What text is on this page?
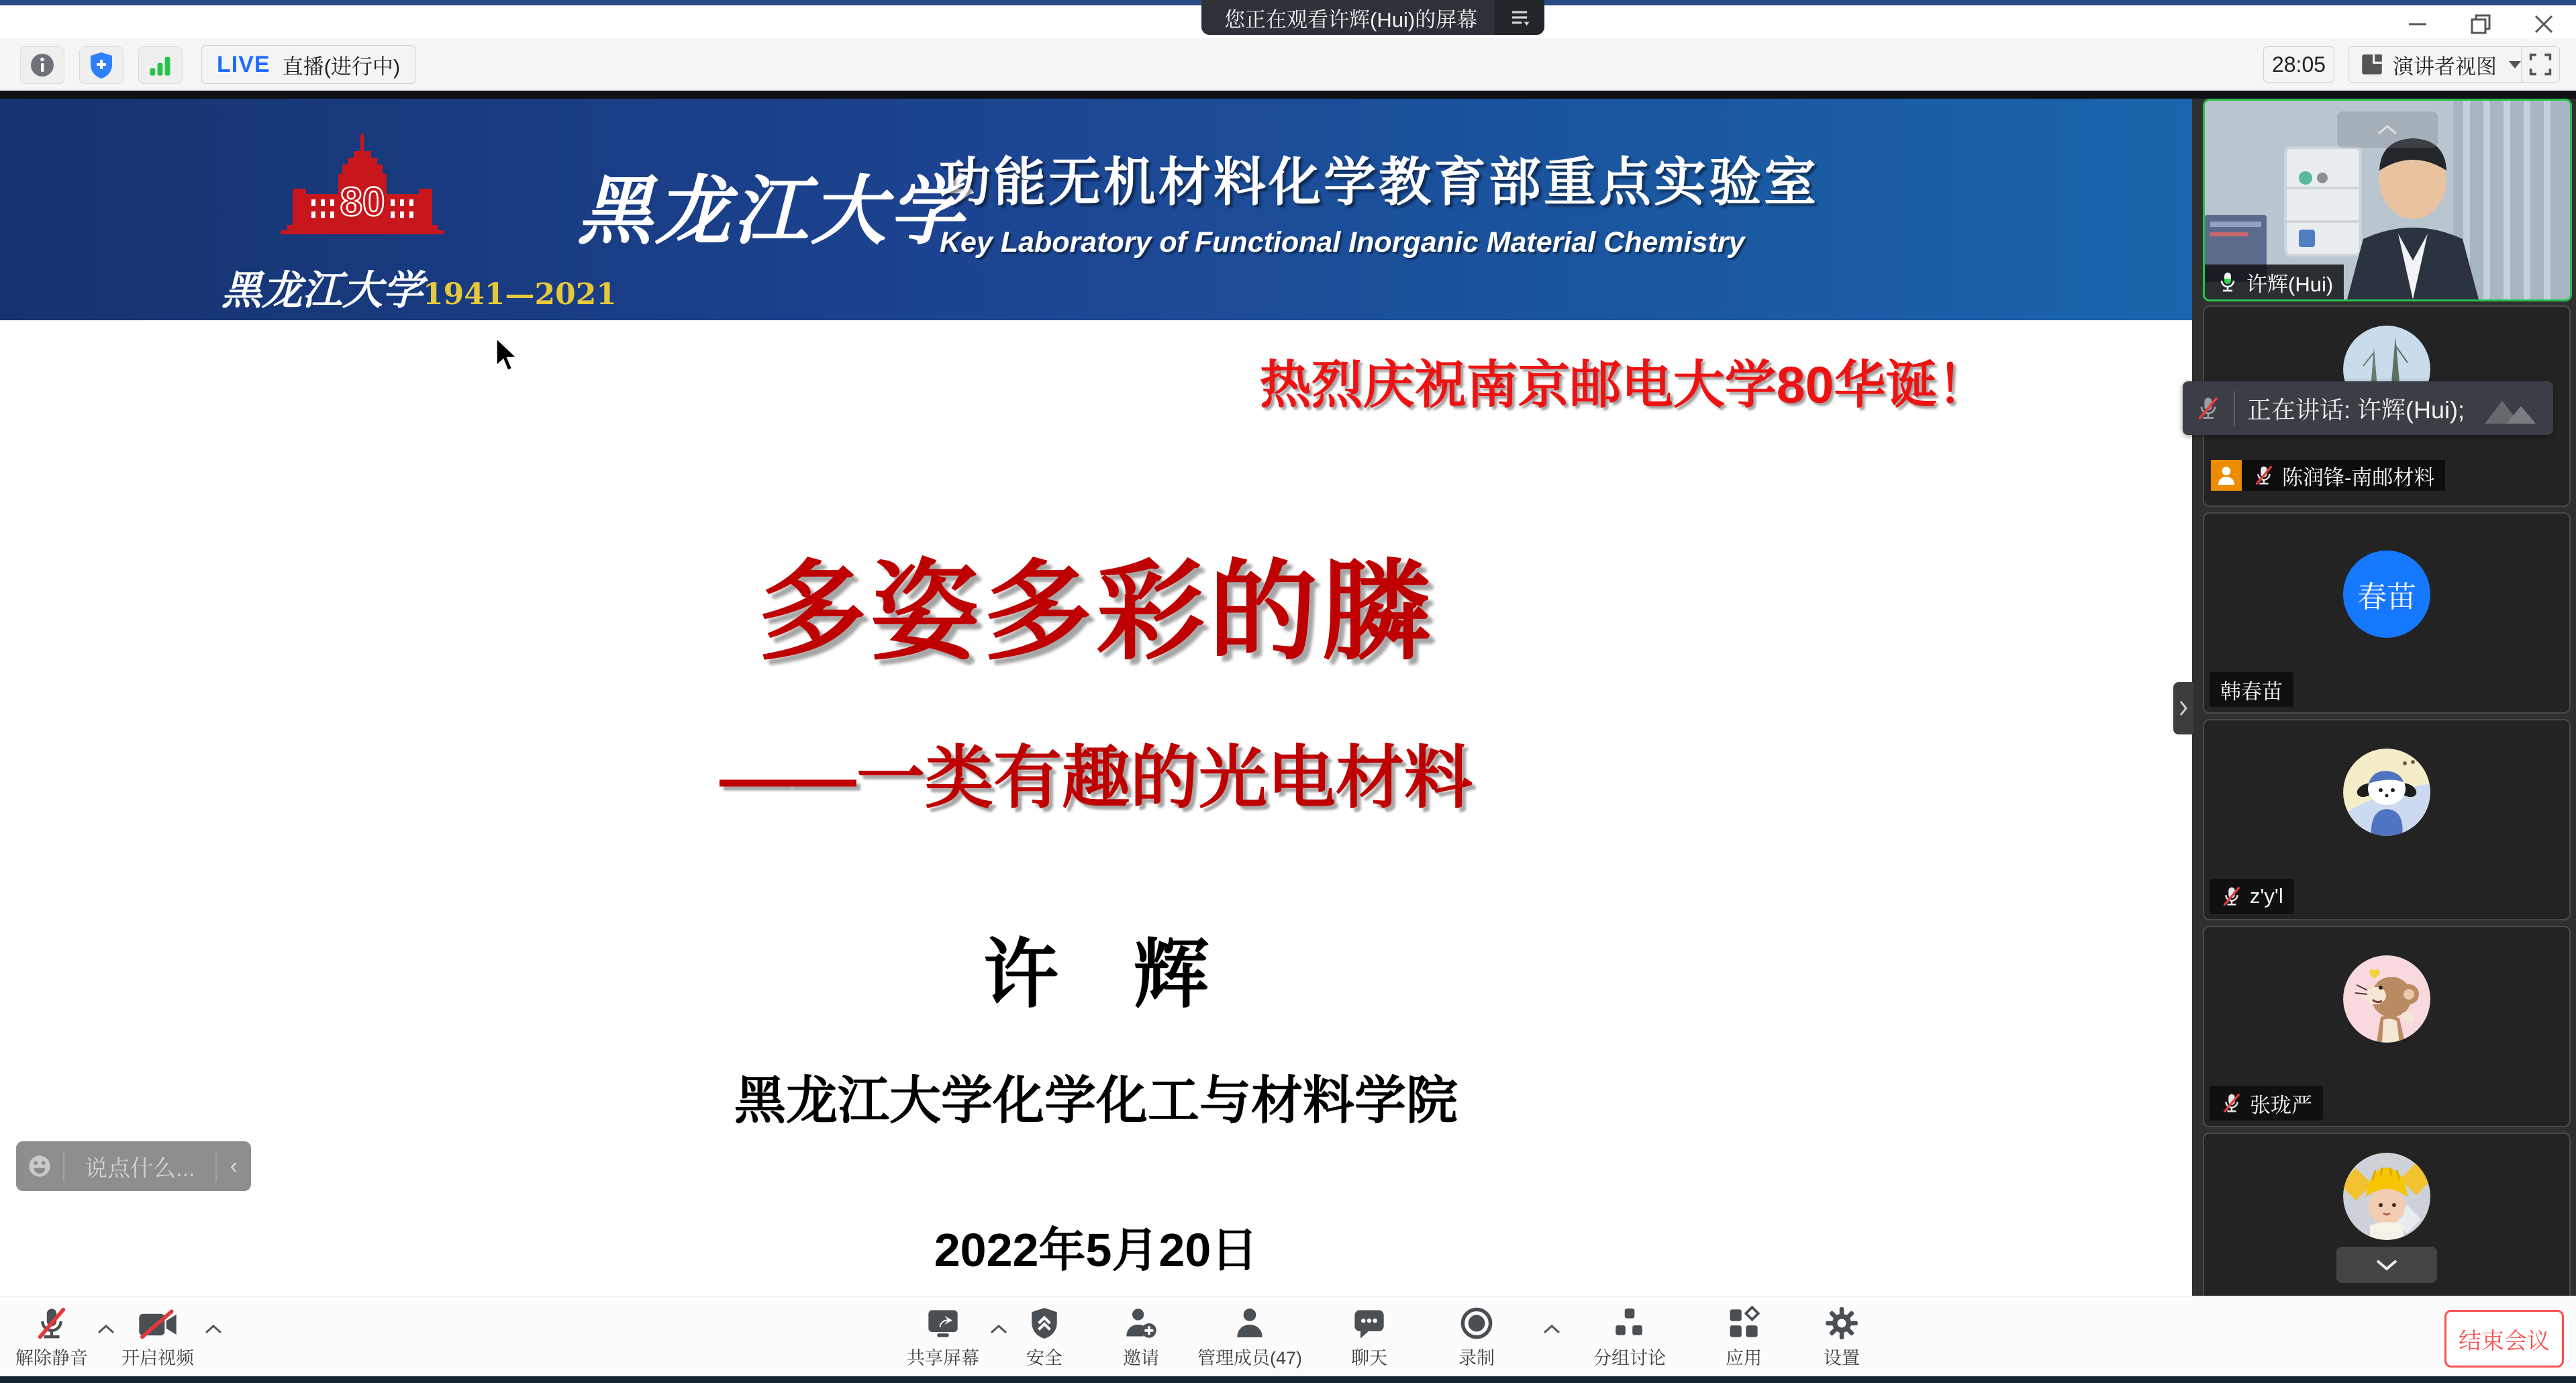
您正在观看许辉(Hui)的屏幕
LIVE 直播(进行中)	28:05	演讲者视图
80
黑龙江大学1941—2021
黑龙江大学
功能无机材料化学教育部重点实验室
Key Laboratory of Functional Inorganic Material Chemistry
热烈庆祝南京邮电大学80华诞！
多姿多彩的膦
——一类有趣的光电材料
许　辉
黑龙江大学化学化工与材料学院
2022年5月20日
说点什么...	‹
许辉(Hui)
陈润锋-南邮材料
正在讲话: 许辉(Hui);
春苗
韩春苗
z'y'l
张珑严
解除静音 开启视频	共享屏幕	安全	邀请 管理成员(47)	聊天	录制	分组讨论	应用	设置
结束会议
